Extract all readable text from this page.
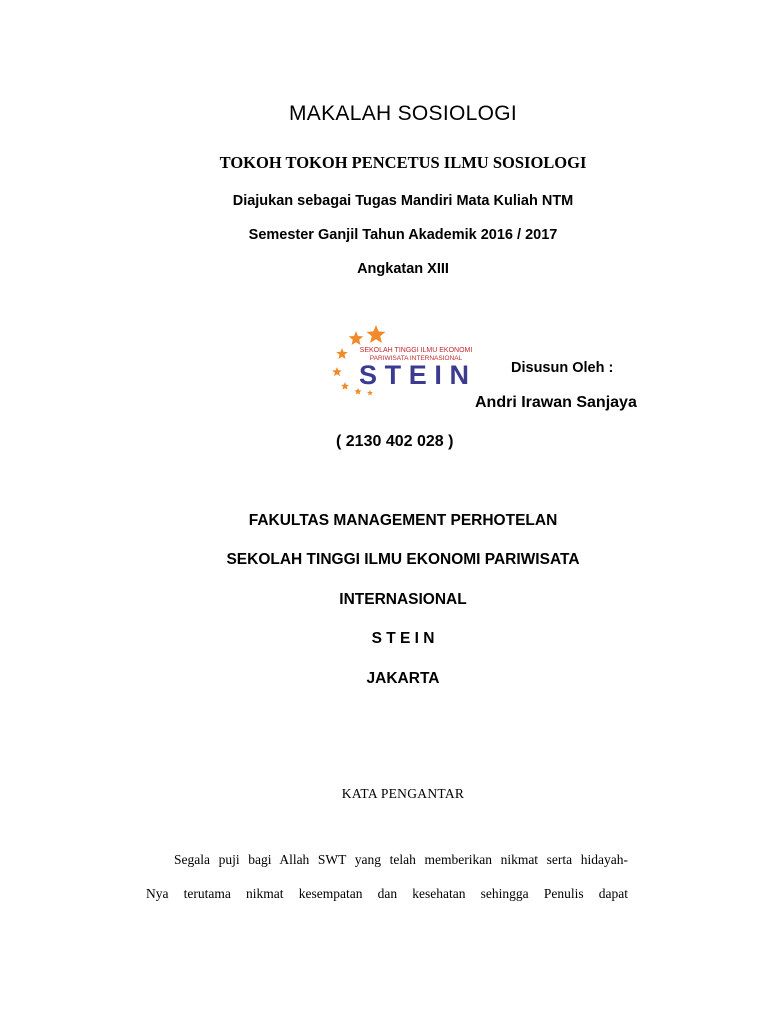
MAKALAH SOSIOLOGI
TOKOH TOKOH PENCETUS ILMU SOSIOLOGI
Diajukan sebagai Tugas Mandiri Mata Kuliah NTM
Semester Ganjil Tahun Akademik 2016 / 2017
Angkatan XIII
SEKOLAH TINGGI ILMU EKONOMI
PARIWISATA INTERNASIONAL
STEIN	Disusun Oleh :
Andri Irawan Sanjaya
( 2130 402 028 )
FAKULTAS MANAGEMENT PERHOTELAN
SEKOLAH TINGGI ILMU EKONOMI PARIWISATA
INTERNASIONAL
S T E I N
JAKARTA
KATA PENGANTAR
Segala puji bagi Allah SWT yang telah memberikan nikmat serta hidayah-
Nya terutama nikmat kesempatan dan kesehatan sehingga Penulis dapat
